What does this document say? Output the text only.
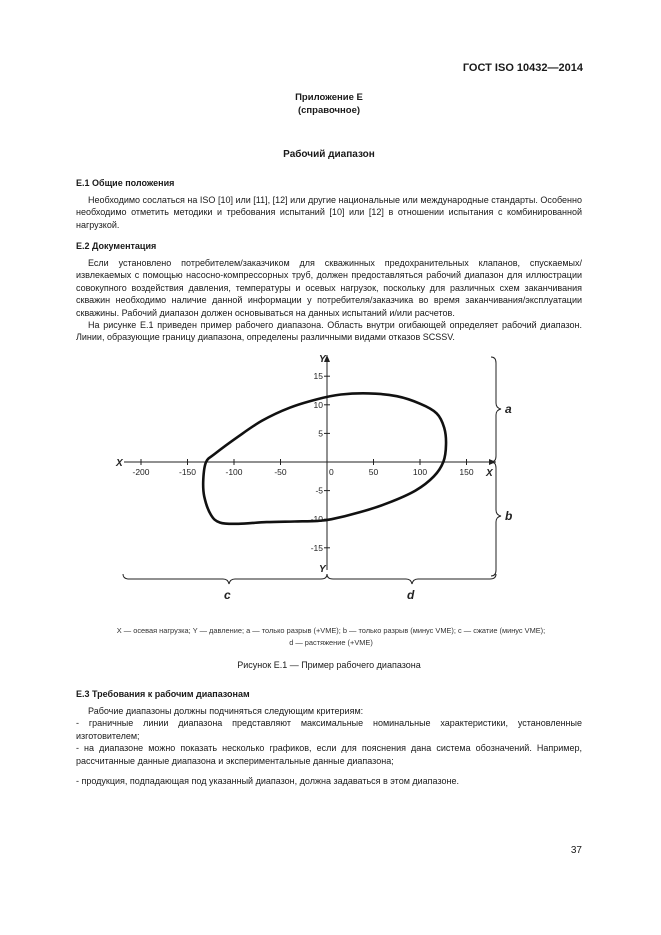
ГОСТ ISO 10432—2014
Приложение Е
(справочное)
Рабочий диапазон
Е.1 Общие положения

Необходимо сослаться на ISO [10] или [11], [12] или другие национальные или международные стандарты. Особенно необходимо отметить методики и требования испытаний [10] или [12] в отношении испытания с комбинированной нагрузкой.

Е.2 Документация

Если установлено потребителем/заказчиком для скважинных предохранительных клапанов, спускаемых/извлекаемых с помощью насосно-компрессорных труб, должен предоставляться рабочий диапазон для иллюстрации совокупного воздействия давления, температуры и осевых нагрузок, поскольку для различных схем заканчивания скважин необходимо наличие данной информации у потребителя/заказчика во время заканчивания/эксплуатации скважины. Рабочий диапазон должен основываться на данных испытаний и/или расчетов.

На рисунке Е.1 приведен пример рабочего диапазона. Область внутри огибающей определяет рабочий диапазон. Линии, образующие границу диапазона, определены различными видами отказов SCSSV.

X
X
Y
Y
-200	-150	-100	-50	0	50	100	150
15
10
5
-5
-10
-15
a
b
c	d
X — осевая нагрузка; Y — давление; a — только разрыв (+VME); b — только разрыв (минус VME); c — сжатие (минус VME);
d — растяжение (+VME)
Рисунок Е.1 — Пример рабочего диапазона
Е.3 Требования к рабочим диапазонам

Рабочие диапазоны должны подчиняться следующим критериям:

- граничные линии диапазона представляют максимальные номинальные характеристики, установленные изготовителем;

- на диапазоне можно показать несколько графиков, если для пояснения дана система обозначений. Например, рассчитанные данные диапазона и экспериментальные данные диапазона;

- продукция, подпадающая под указанный диапазон, должна задаваться в этом диапазоне.

37
